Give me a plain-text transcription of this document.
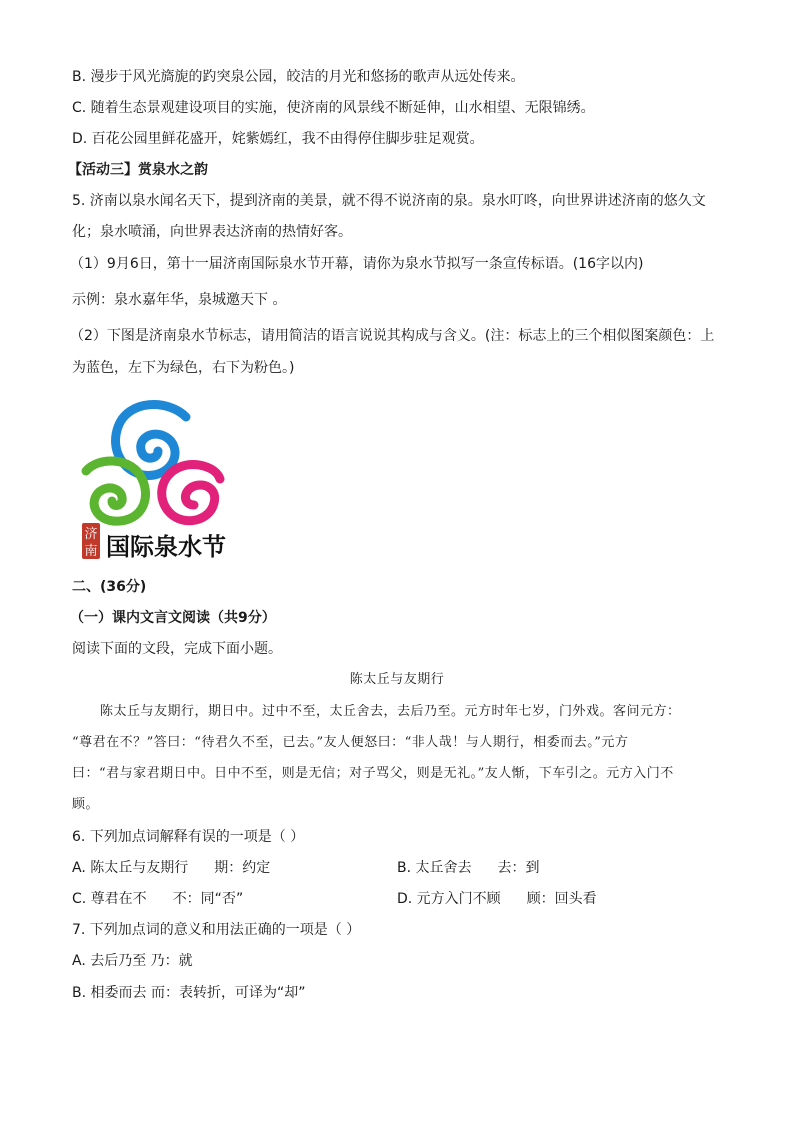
B. 漫步于风光旖旎的趵突泉公园，皎洁的月光和悠扬的歌声从远处传来。
C. 随着生态景观建设项目的实施，使济南的风景线不断延伸，山水相望、无限锦绣。
D. 百花公园里鲜花盛开，姹紫嫣红，我不由得停住脚步驻足观赏。
【活动三】赏泉水之韵
5. 济南以泉水闻名天下，提到济南的美景，就不得不说济南的泉。泉水叮咚，向世界讲述济南的悠久文
化；泉水喷涌，向世界表达济南的热情好客。
（1）9月6日，第十一届济南国际泉水节开幕，请你为泉水节拟写一条宣传标语。(16字以内)
示例：泉水嘉年华，泉城邀天下 。
（2）下图是济南泉水节标志，请用简洁的语言说说其构成与含义。(注：标志上的三个相似图案颜色：上
为蓝色，左下为绿色，右下为粉色。)
济
南 国际泉水节
二、(36分)
（一）课内文言文阅读（共9分）
阅读下面的文段，完成下面小题。
陈太丘与友期行
陈太丘与友期行，期日中。过中不至，太丘舍去，去后乃至。元方时年七岁，门外戏。客问元方：
“尊君在不？”答曰：“待君久不至，已去。”友人便怒曰：“非人哉！与人期行，相委而去。”元方
曰：“君与家君期日中。日中不至，则是无信；对子骂父，则是无礼。”友人惭，下车引之。元方入门不
顾。
6. 下列加点词解释有误的一项是（ ）
A. 陈太丘与友期行 期：约定	B. 太丘舍去 去：到
C. 尊君在不 不：同“否”	D. 元方入门不顾 顾：回头看
7. 下列加点词的意义和用法正确的一项是（ ）
A. 去后乃至 乃：就
B. 相委而去 而：表转折，可译为“却”
